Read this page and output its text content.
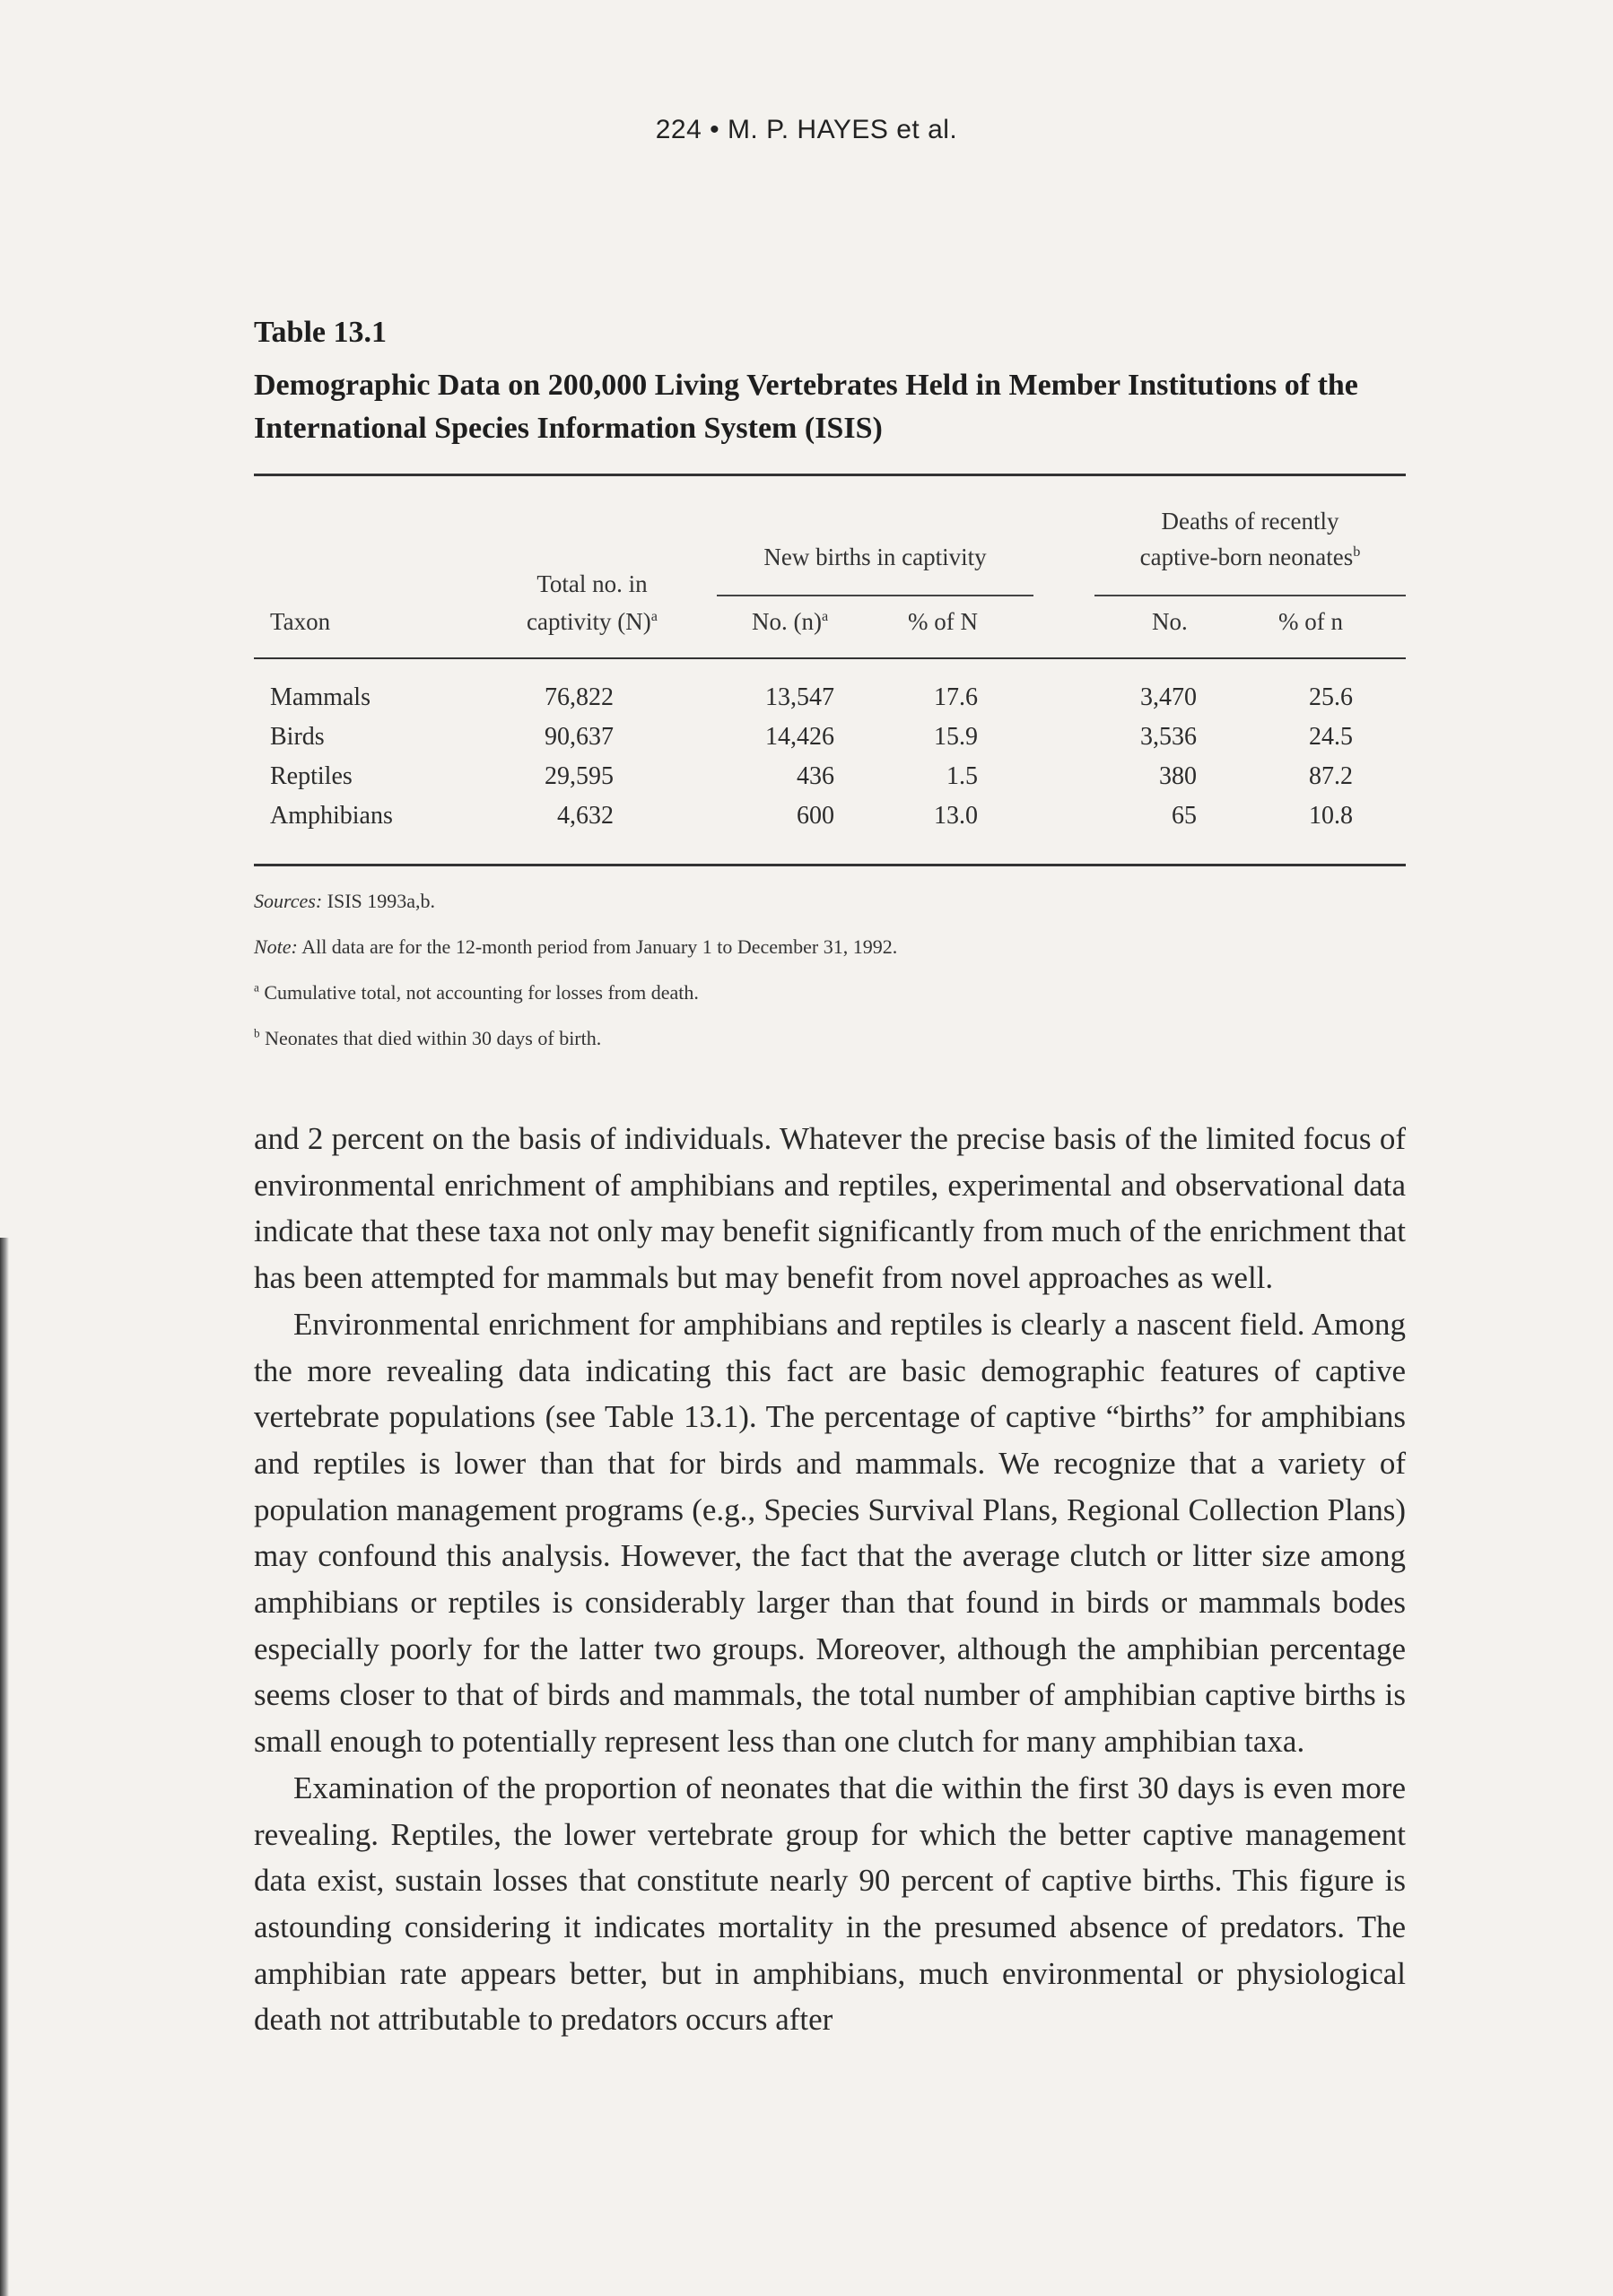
224 • M. P. HAYES et al.
Table 13.1
Demographic Data on 200,000 Living Vertebrates Held in Member Institutions of the International Species Information System (ISIS)
Taxon
Total no. in
captivity $(N)^a$
New births in captivity
No. $(n)^a$	% of N
Deaths of recently
captive-born neonates$^b$
No.	% of n
Mammals	76,822	13,547	17.6	3,470	25.6
Birds	90,637	14,426	15.9	3,536	24.5
Reptiles	29,595	436	1.5	380	87.2
Amphibians	4,632	600	13.0	65	10.8
Sources: ISIS 1993a,b.
Note: All data are for the 12-month period from January 1 to December 31, 1992.
$^a$ Cumulative total, not accounting for losses from death.
$^b$ Neonates that died within 30 days of birth.

and 2 percent on the basis of individuals. Whatever the precise basis of the limited focus of environmental enrichment of amphibians and reptiles, experimental and observational data indicate that these taxa not only may benefit significantly from much of the enrichment that has been attempted for mammals but may benefit from novel approaches as well.

Environmental enrichment for amphibians and reptiles is clearly a nascent field. Among the more revealing data indicating this fact are basic demographic features of captive vertebrate populations (see Table 13.1). The percentage of captive “births” for amphibians and reptiles is lower than that for birds and mammals. We recognize that a variety of population management programs (e.g., Species Survival Plans, Regional Collection Plans) may confound this analysis. However, the fact that the average clutch or litter size among amphibians or reptiles is considerably larger than that found in birds or mammals bodes especially poorly for the latter two groups. Moreover, although the amphibian percentage seems closer to that of birds and mammals, the total number of amphibian captive births is small enough to potentially represent less than one clutch for many amphibian taxa.

Examination of the proportion of neonates that die within the first 30 days is even more revealing. Reptiles, the lower vertebrate group for which the better captive management data exist, sustain losses that constitute nearly 90 percent of captive births. This figure is astounding considering it indicates mortality in the presumed absence of predators. The amphibian rate appears better, but in amphibians, much environmental or physiological death not attributable to predators occurs after
